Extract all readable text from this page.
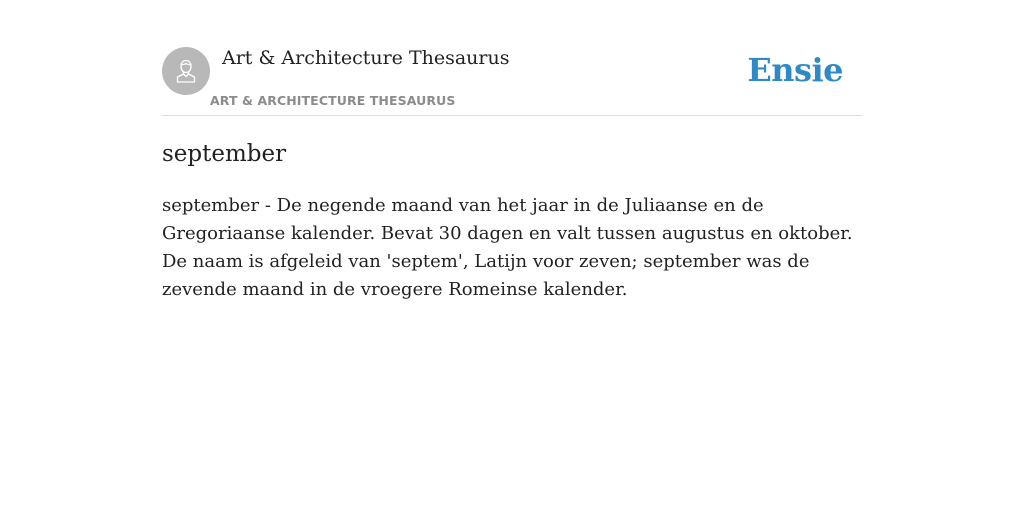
Art & Architecture Thesaurus
ART & ARCHITECTURE THESAURUS
Ensie
september

september - De negende maand van het jaar in de Juliaanse en de Gregoriaanse kalender. Bevat 30 dagen en valt tussen augustus en oktober. De naam is afgeleid van 'septem', Latijn voor zeven; september was de zevende maand in de vroegere Romeinse kalender.
